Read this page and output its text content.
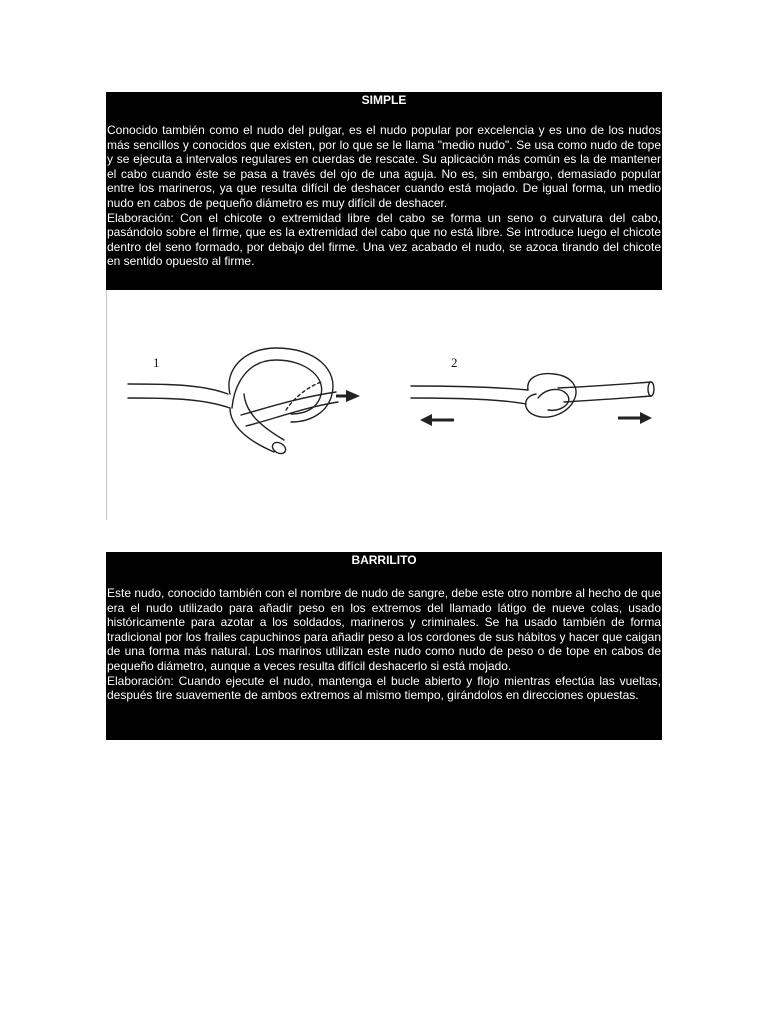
SIMPLE

Conocido también como el nudo del pulgar, es el nudo popular por excelencia y es uno de los nudos más sencillos y conocidos que existen, por lo que se le llama "medio nudo". Se usa como nudo de tope y se ejecuta a intervalos regulares en cuerdas de rescate. Su aplicación más común es la de mantener el cabo cuando éste se pasa a través del ojo de una aguja. No es, sin embargo, demasiado popular entre los marineros, ya que resulta difícil de deshacer cuando está mojado. De igual forma, un medio nudo en cabos de pequeño diámetro es muy difícil de deshacer.

Elaboración: Con el chicote o extremidad libre del cabo se forma un seno o curvatura del cabo, pasándolo sobre el firme, que es la extremidad del cabo que no está libre. Se introduce luego el chicote dentro del seno formado, por debajo del firme. Una vez acabado el nudo, se azoca tirando del chicote en sentido opuesto al firme.

1	2
BARRILITO

Este nudo, conocido también con el nombre de nudo de sangre, debe este otro nombre al hecho de que era el nudo utilizado para añadir peso en los extremos del llamado látigo de nueve colas, usado históricamente para azotar a los soldados, marineros y criminales. Se ha usado también de forma tradicional por los frailes capuchinos para añadir peso a los cordones de sus hábitos y hacer que caigan de una forma más natural. Los marinos utilizan este nudo como nudo de peso o de tope en cabos de pequeño diámetro, aunque a veces resulta difícil deshacerlo si está mojado.

Elaboración: Cuando ejecute el nudo, mantenga el bucle abierto y flojo mientras efectúa las vueltas, después tire suavemente de ambos extremos al mismo tiempo, girándolos en direcciones opuestas.
